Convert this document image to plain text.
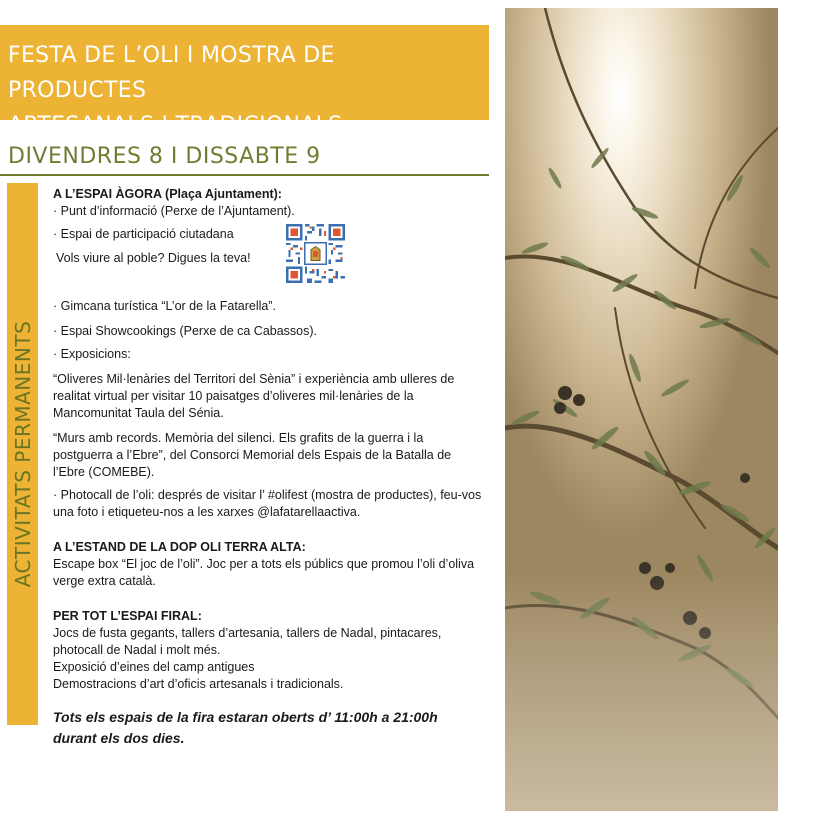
FESTA DE L’OLI I MOSTRA DE PRODUCTES
ARTESANALS I TRADICIONALS
DIVENDRES 8 I DISSABTE 9
ACTIVITATS PERMANENTS

A L’ESPAI ÀGORA (Plaça Ajuntament):

· Punt d’informació (Perxe de l’Ajuntament).

· Espai de participació ciutadana

Vols viure al poble? Digues la teva!

· Gimcana turística “L’or de la Fatarella”.

· Espai Showcookings (Perxe de ca Cabassos).

· Exposicions:

“Oliveres Mil·lenàries del Territori del Sènia” i experiència amb ulleres de realitat virtual per visitar 10 paisatges d’oliveres mil·lenàries de la Mancomunitat Taula del Sénia.

“Murs amb records. Memòria del silenci. Els grafits de la guerra i la postguerra a l’Ebre”, del Consorci Memorial dels Espais de la Batalla de l’Ebre (COMEBE).

· Photocall de l’oli: després de visitar l’ #olifest (mostra de productes), feu-vos una foto i etiqueteu-nos a les xarxes @lafatarellaactiva.

A L’ESTAND DE LA DOP OLI TERRA ALTA:

Escape box “El joc de l’oli”. Joc per a tots els públics que promou l’oli d’oliva verge extra català.

PER TOT L’ESPAI FIRAL:

Jocs de fusta gegants, tallers d’artesania, tallers de Nadal, pintacares, photocall de Nadal i molt més.

Exposició d’eines del camp antigues

Demostracions d’art d’oficis artesanals i tradicionals.

Tots els espais de la fira estaran oberts d’ 11:00h a 21:00h durant els dos dies.
